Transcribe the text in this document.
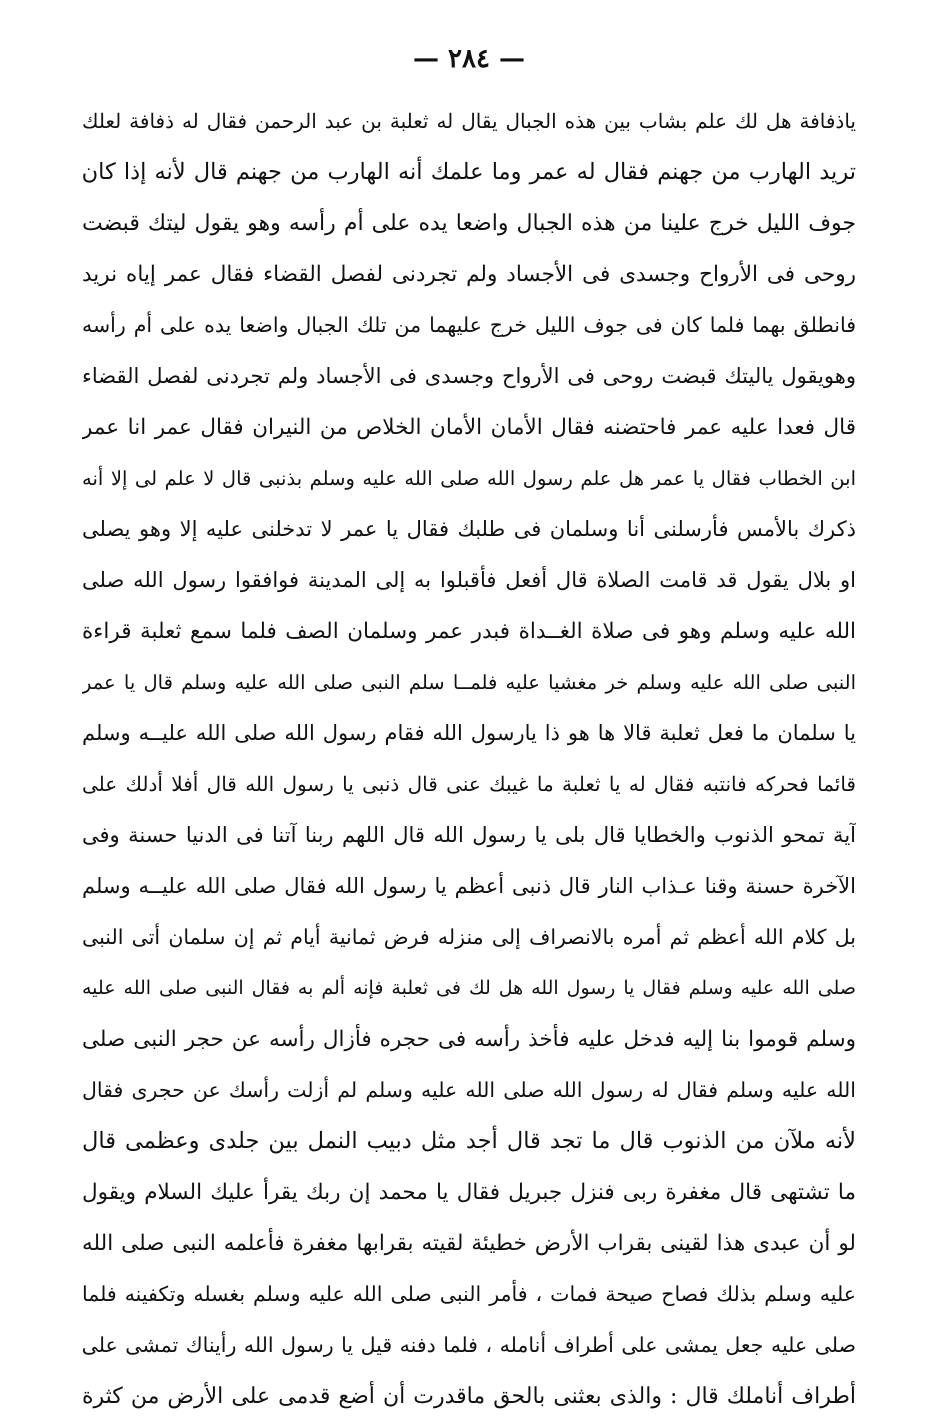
— ٢٨٤ —
ياذفافة هل لك علم بشاب بين هذه الجبال يقال له ثعلبة بن عبد الرحمن فقال له ذفافة لعلك
تريد الهارب من جهنم فقال له عمر وما علمك أنه الهارب من جهنم قال لأنه إذا كان
جوف الليل خرج علينا من هذه الجبال واضعا يده على أم رأسه وهو يقول ليتك قبضت
روحى فى الأرواح وجسدى فى الأجساد ولم تجردنى لفصل القضاء فقال عمر إياه نريد
فانطلق بهما فلما كان فى جوف الليل خرج عليهما من تلك الجبال واضعا يده على أم رأسه
وهويقول ياليتك قبضت روحى فى الأرواح وجسدى فى الأجساد ولم تجردنى لفصل القضاء
قال فعدا عليه عمر فاحتضنه فقال الأمان الأمان الخلاص من النيران فقال عمر انا عمر
ابن الخطاب فقال يا عمر هل علم رسول الله صلى الله عليه وسلم بذنبى قال لا علم لى إلا أنه
ذكرك بالأمس فأرسلنى أنا وسلمان فى طلبك فقال يا عمر لا تدخلنى عليه إلا وهو يصلى
او بلال يقول قد قامت الصلاة قال أفعل فأقبلوا به إلى المدينة فوافقوا رسول الله صلى
الله عليه وسلم وهو فى صلاة الغــداة فبدر عمر وسلمان الصف فلما سمع ثعلبة قراءة
النبى صلى الله عليه وسلم خر مغشيا عليه فلمــا سلم النبى صلى الله عليه وسلم قال يا عمر
يا سلمان ما فعل ثعلبة قالا ها هو ذا يارسول الله فقام رسول الله صلى الله عليــه وسلم
قائما فحركه فانتبه فقال له يا ثعلبة ما غيبك عنى قال ذنبى يا رسول الله قال أفلا أدلك على
آية تمحو الذنوب والخطايا قال بلى يا رسول الله قال اللهم ربنا آتنا فى الدنيا حسنة وفى
الآخرة حسنة وقنا عـذاب النار قال ذنبى أعظم يا رسول الله فقال صلى الله عليــه وسلم
بل كلام الله أعظم ثم أمره بالانصراف إلى منزله فرض ثمانية أيام ثم إن سلمان أتى النبى
صلى الله عليه وسلم فقال يا رسول الله هل لك فى ثعلبة فإنه ألم به فقال النبى صلى الله عليه
وسلم قوموا بنا إليه فدخل عليه فأخذ رأسه فى حجره فأزال رأسه عن حجر النبى صلى
الله عليه وسلم فقال له رسول الله صلى الله عليه وسلم لم أزلت رأسك عن حجرى فقال
لأنه ملآن من الذنوب قال ما تجد قال أجد مثل دبيب النمل بين جلدى وعظمى قال
ما تشتهى قال مغفرة ربى فنزل جبريل فقال يا محمد إن ربك يقرأ عليك السلام ويقول
لو أن عبدى هذا لقينى بقراب الأرض خطيئة لقيته بقرابها مغفرة فأعلمه النبى صلى الله
عليه وسلم بذلك فصاح صيحة فمات ، فأمر النبى صلى الله عليه وسلم بغسله وتكفينه فلما
صلى عليه جعل يمشى على أطراف أنامله ، فلما دفنه قيل يا رسول الله رأيناك تمشى على
أطراف أناملك قال : والذى بعثنى بالحق ماقدرت أن أضع قدمى على الأرض من كثرة
